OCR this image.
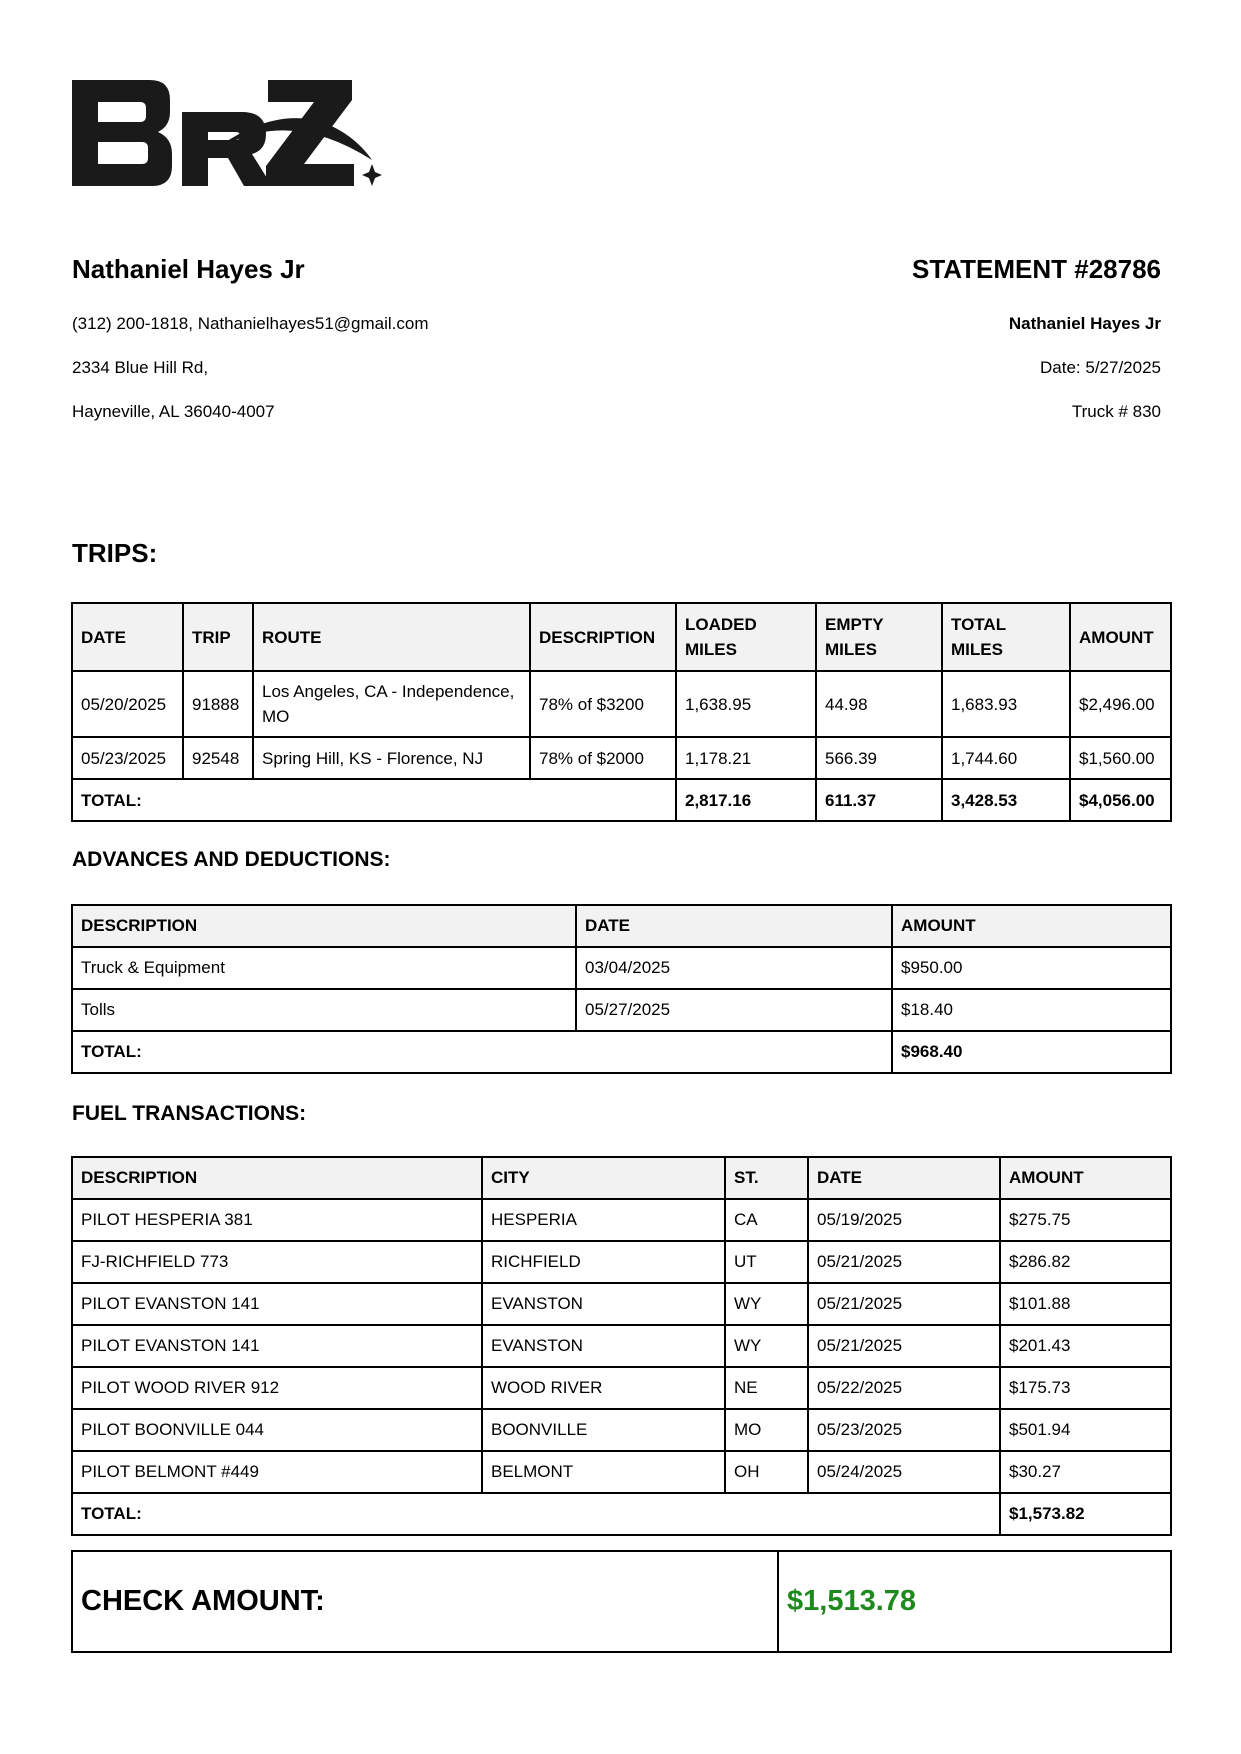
Nathaniel Hayes Jr
(312) 200-1818, Nathanielhayes51@gmail.com
2334 Blue Hill Rd,
Hayneville, AL 36040-4007
STATEMENT #28786
Nathaniel Hayes Jr
Date: 5/27/2025
Truck # 830
TRIPS:
DATE	TRIP	ROUTE	DESCRIPTION	LOADED MILES	EMPTY MILES	TOTAL MILES	AMOUNT
05/20/2025	91888	Los Angeles, CA - Independence, MO	78% of $3200	1,638.95	44.98	1,683.93	$2,496.00
05/23/2025	92548	Spring Hill, KS - Florence, NJ	78% of $2000	1,178.21	566.39	1,744.60	$1,560.00
TOTAL:				2,817.16	611.37	3,428.53	$4,056.00
ADVANCES AND DEDUCTIONS:
DESCRIPTION	DATE	AMOUNT
Truck & Equipment	03/04/2025	$950.00
Tolls	05/27/2025	$18.40
TOTAL:		$968.40
FUEL TRANSACTIONS:
DESCRIPTION	CITY	ST.	DATE	AMOUNT
PILOT HESPERIA 381	HESPERIA	CA	05/19/2025	$275.75
FJ-RICHFIELD 773	RICHFIELD	UT	05/21/2025	$286.82
PILOT EVANSTON 141	EVANSTON	WY	05/21/2025	$101.88
PILOT EVANSTON 141	EVANSTON	WY	05/21/2025	$201.43
PILOT WOOD RIVER 912	WOOD RIVER	NE	05/22/2025	$175.73
PILOT BOONVILLE 044	BOONVILLE	MO	05/23/2025	$501.94
PILOT BELMONT #449	BELMONT	OH	05/24/2025	$30.27
TOTAL:				$1,573.82
CHECK AMOUNT:	$1,513.78
